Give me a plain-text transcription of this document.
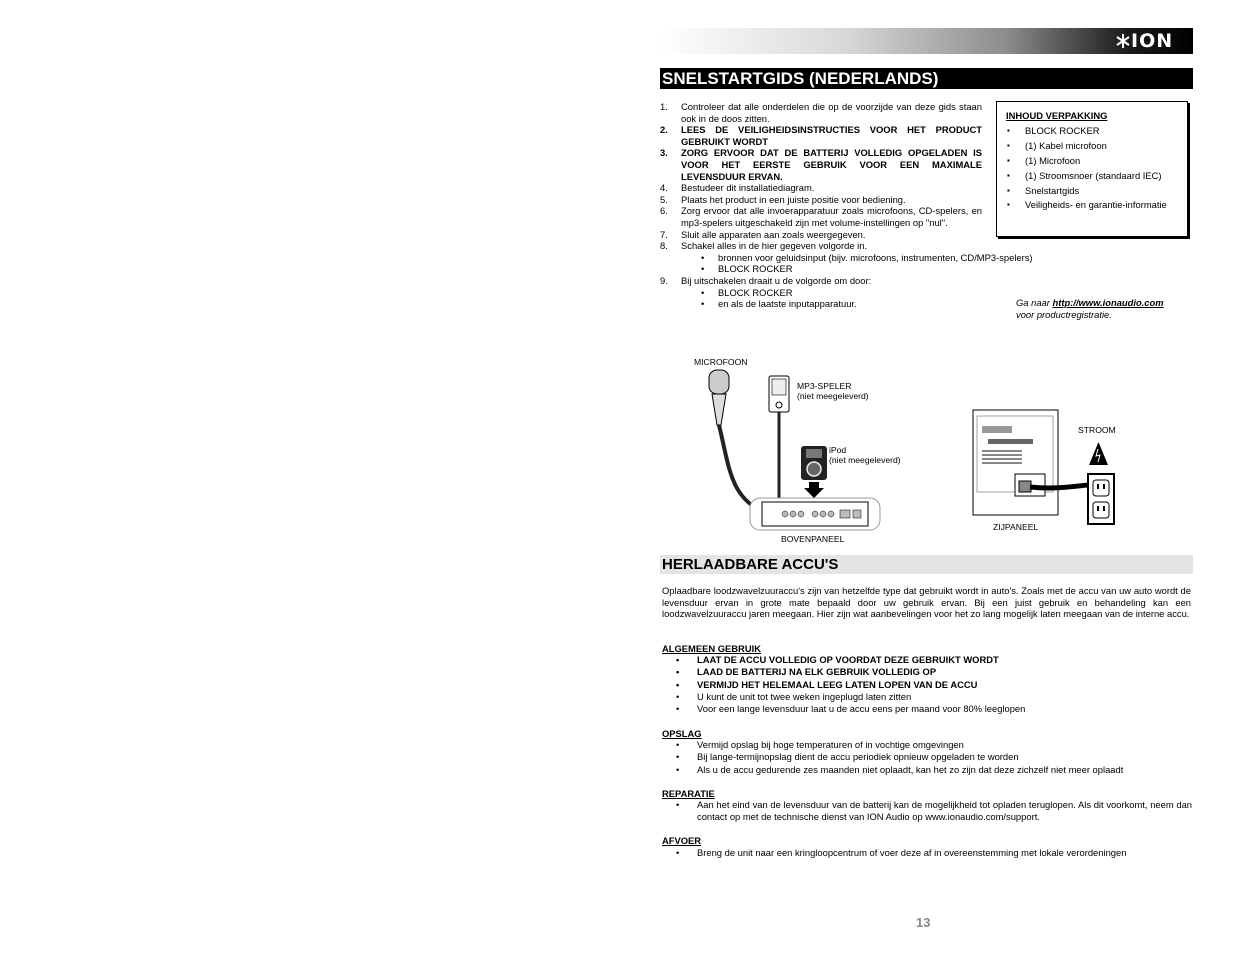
ION
SNELSTARTGIDS (NEDERLANDS)
1. Controleer dat alle onderdelen die op de voorzijde van deze gids staan ook in de doos zitten.
2. LEES DE VEILIGHEIDSINSTRUCTIES VOOR HET PRODUCT GEBRUIKT WORDT
3. ZORG ERVOOR DAT DE BATTERIJ VOLLEDIG OPGELADEN IS VOOR HET EERSTE GEBRUIK VOOR EEN MAXIMALE LEVENSDUUR ERVAN.
4. Bestudeer dit installatiediagram.
5. Plaats het product in een juiste positie voor bediening.
6. Zorg ervoor dat alle invoerapparatuur zoals microfoons, CD-spelers, en mp3-spelers uitgeschakeld zijn met volume-instellingen op "nul".
7. Sluit alle apparaten aan zoals weergegeven.
8. Schakel alles in de hier gegeven volgorde in.
• bronnen voor geluidsinput (bijv. microfoons, instrumenten, CD/MP3-spelers)
• BLOCK ROCKER
9. Bij uitschakelen draait u de volgorde om door:
• BLOCK ROCKER
• en als de laatste inputapparatuur.
INHOUD VERPAKKING
▪ BLOCK ROCKER
▪ (1) Kabel microfoon
▪ (1) Microfoon
▪ (1) Stroomsnoer (standaard IEC)
▪ Snelstartgids
▪ Veiligheids- en garantie-informatie
Ga naar http://www.ionaudio.com
voor productregistratie.
MICROFOON
MP3-SPELER
(niet meegeleverd)
iPod
(niet meegeleverd)
BOVENPANEEL
STROOM
ZIJPANEEL
HERLAADBARE ACCU'S
Oplaadbare loodzwavelzuuraccu's zijn van hetzelfde type dat gebruikt wordt in auto's. Zoals met de accu van uw auto wordt de levensduur ervan in grote mate bepaald door uw gebruik ervan. Bij een juist gebruik en behandeling kan een loodzwavelzuuraccu jaren meegaan. Hier zijn wat aanbevelingen voor het zo lang mogelijk laten meegaan van de interne accu.
ALGEMEEN GEBRUIK
• LAAT DE ACCU VOLLEDIG OP VOORDAT DEZE GEBRUIKT WORDT
• LAAD DE BATTERIJ NA ELK GEBRUIK VOLLEDIG OP
• VERMIJD HET HELEMAAL LEEG LATEN LOPEN VAN DE ACCU
• U kunt de unit tot twee weken ingeplugd laten zitten
• Voor een lange levensduur laat u de accu eens per maand voor 80% leeglopen
OPSLAG
• Vermijd opslag bij hoge temperaturen of in vochtige omgevingen
• Bij lange-termijnopslag dient de accu periodiek opnieuw opgeladen te worden
• Als u de accu gedurende zes maanden niet oplaadt, kan het zo zijn dat deze zichzelf niet meer oplaadt
REPARATIE
• Aan het eind van de levensduur van de batterij kan de mogelijkheid tot opladen teruglopen. Als dit voorkomt, neem dan contact op met de technische dienst van ION Audio op www.ionaudio.com/support.
AFVOER
• Breng de unit naar een kringloopcentrum of voer deze af in overeenstemming met lokale verordeningen
13
